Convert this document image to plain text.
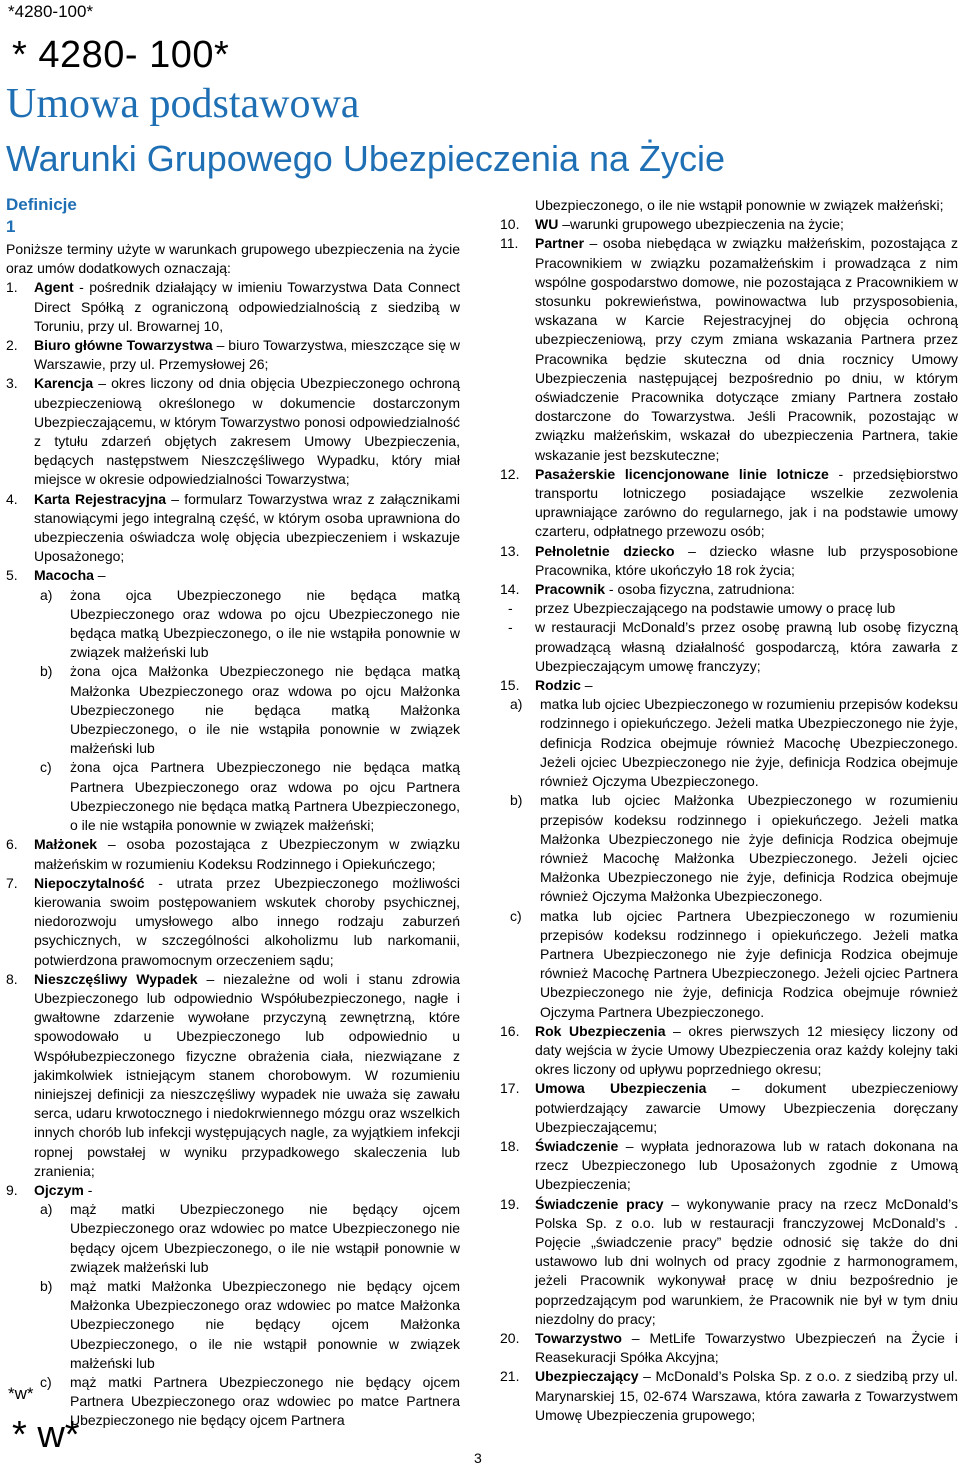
*4280-100*
* 4280- 100*
Umowa podstawowa
Warunki Grupowego Ubezpieczenia na Życie
Definicje
1

Poniższe terminy użyte w warunkach grupowego ubezpieczenia na życie oraz umów dodatkowych oznaczają:

1.	Agent - pośrednik działający w imieniu Towarzystwa Data Connect Direct Spółką z ograniczoną odpowiedzialnością z siedzibą w Toruniu, przy ul. Browarnej 10,
2.	Biuro główne Towarzystwa – biuro Towarzystwa, mieszczące się w Warszawie, przy ul. Przemysłowej 26;
3.	Karencja – okres liczony od dnia objęcia Ubezpieczonego ochroną ubezpieczeniową określonego w dokumencie dostarczonym Ubezpieczającemu, w którym Towarzystwo ponosi odpowiedzialność z tytułu zdarzeń objętych zakresem Umowy Ubezpieczenia, będących następstwem Nieszczęśliwego Wypadku, który miał miejsce w okresie odpowiedzialności Towarzystwa;
4.	Karta Rejestracyjna – formularz Towarzystwa wraz z załącznikami stanowiącymi jego integralną część, w którym osoba uprawniona do ubezpieczenia oświadcza wolę objęcia ubezpieczeniem i wskazuje Uposażonego;
5.	Macocha –
a)	żona ojca Ubezpieczonego nie będąca matką Ubezpieczonego oraz wdowa po ojcu Ubezpieczonego nie będąca matką Ubezpieczonego, o ile nie wstąpiła ponownie w związek małżeński lub
b)	żona ojca Małżonka Ubezpieczonego nie będąca matką Małżonka Ubezpieczonego oraz wdowa po ojcu Małżonka Ubezpieczonego nie będąca matką Małżonka Ubezpieczonego, o ile nie wstąpiła ponownie w związek małżeński lub
c)	żona ojca Partnera Ubezpieczonego nie będąca matką Partnera Ubezpieczonego oraz wdowa po ojcu Partnera Ubezpieczonego nie będąca matką Partnera Ubezpieczonego, o ile nie wstąpiła ponownie w związek małżeński;
6.	Małżonek – osoba pozostająca z Ubezpieczonym w związku małżeńskim w rozumieniu Kodeksu Rodzinnego i Opiekuńczego;
7.	Niepoczytalność - utrata przez Ubezpieczonego możliwości kierowania swoim postępowaniem wskutek choroby psychicznej, niedorozwoju umysłowego albo innego rodzaju zaburzeń psychicznych, w szczególności alkoholizmu lub narkomanii, potwierdzona prawomocnym orzeczeniem sądu;
8.	Nieszczęśliwy Wypadek – niezależne od woli i stanu zdrowia Ubezpieczonego lub odpowiednio Współubezpieczonego, nagłe i gwałtowne zdarzenie wywołane przyczyną zewnętrzną, które spowodowało u Ubezpieczonego lub odpowiednio u Współubezpieczonego fizyczne obrażenia ciała, niezwiązane z jakimkolwiek istniejącym stanem chorobowym. W rozumieniu niniejszej definicji za nieszczęśliwy wypadek nie uważa się zawału serca, udaru krwotocznego i niedokrwiennego mózgu oraz wszelkich innych chorób lub infekcji występujących nagle, za wyjątkiem infekcji ropnej powstałej w wyniku przypadkowego skaleczenia lub zranienia;
9.	Ojczym -
a)	mąż matki Ubezpieczonego nie będący ojcem Ubezpieczonego oraz wdowiec po matce Ubezpieczonego nie będący ojcem Ubezpieczonego, o ile nie wstąpił ponownie w związek małżeński lub
b)	mąż matki Małżonka Ubezpieczonego nie będący ojcem Małżonka Ubezpieczonego oraz wdowiec po matce Małżonka Ubezpieczonego nie będący ojcem Małżonka Ubezpieczonego, o ile nie wstąpił ponownie w związek małżeński lub
c)	mąż matki Partnera Ubezpieczonego nie będący ojcem Partnera Ubezpieczonego oraz wdowiec po matce Partnera Ubezpieczonego nie będący ojcem Partnera
Ubezpieczonego, o ile nie wstąpił ponownie w związek małżeński;
10.	WU –warunki grupowego ubezpieczenia na życie;
11.	Partner – osoba niebędąca w związku małżeńskim, pozostająca z Pracownikiem w związku pozamałżeńskim i prowadząca z nim wspólne gospodarstwo domowe, nie pozostająca z Pracownikiem w stosunku pokrewieństwa, powinowactwa lub przysposobienia, wskazana w Karcie Rejestracyjnej do objęcia ochroną ubezpieczeniową, przy czym zmiana wskazania Partnera przez Pracownika będzie skuteczna od dnia rocznicy Umowy Ubezpieczenia następującej bezpośrednio po dniu, w którym oświadczenie Pracownika dotyczące zmiany Partnera zostało dostarczone do Towarzystwa. Jeśli Pracownik, pozostając w związku małżeńskim, wskazał do ubezpieczenia Partnera, takie wskazanie jest bezskuteczne;
12.	Pasażerskie licencjonowane linie lotnicze - przedsiębiorstwo transportu lotniczego posiadające wszelkie zezwolenia uprawniające zarówno do regularnego, jak i na podstawie umowy czarteru, odpłatnego przewozu osób;
13.	Pełnoletnie dziecko – dziecko własne lub przysposobione Pracownika, które ukończyło 18 rok życia;
14.	Pracownik - osoba fizyczna, zatrudniona:
-	przez Ubezpieczającego na podstawie umowy o pracę lub
-	w restauracji McDonald’s przez osobę prawną lub osobę fizyczną prowadzącą własną działalność gospodarczą, która zawarła z Ubezpieczającym umowę franczyzy;
15.	Rodzic –
a)	matka lub ojciec Ubezpieczonego w rozumieniu przepisów kodeksu rodzinnego i opiekuńczego. Jeżeli matka Ubezpieczonego nie żyje, definicja Rodzica obejmuje również Macochę Ubezpieczonego. Jeżeli ojciec Ubezpieczonego nie żyje, definicja Rodzica obejmuje również Ojczyma Ubezpieczonego.
b)	matka lub ojciec Małżonka Ubezpieczonego w rozumieniu przepisów kodeksu rodzinnego i opiekuńczego. Jeżeli matka Małżonka Ubezpieczonego nie żyje definicja Rodzica obejmuje również Macochę Małżonka Ubezpieczonego. Jeżeli ojciec Małżonka Ubezpieczonego nie żyje, definicja Rodzica obejmuje również Ojczyma Małżonka Ubezpieczonego.
c)	matka lub ojciec Partnera Ubezpieczonego w rozumieniu przepisów kodeksu rodzinnego i opiekuńczego. Jeżeli matka Partnera Ubezpieczonego nie żyje definicja Rodzica obejmuje również Macochę Partnera Ubezpieczonego. Jeżeli ojciec Partnera Ubezpieczonego nie żyje, definicja Rodzica obejmuje również Ojczyma Partnera Ubezpieczonego.
16.	Rok Ubezpieczenia – okres pierwszych 12 miesięcy liczony od daty wejścia w życie Umowy Ubezpieczenia oraz każdy kolejny taki okres liczony od upływu poprzedniego okresu;
17.	Umowa Ubezpieczenia – dokument ubezpieczeniowy potwierdzający zawarcie Umowy Ubezpieczenia doręczany Ubezpieczającemu;
18.	Świadczenie – wypłata jednorazowa lub w ratach dokonana na rzecz Ubezpieczonego lub Uposażonych zgodnie z Umową Ubezpieczenia;
19.	Świadczenie pracy – wykonywanie pracy na rzecz McDonald’s Polska Sp. z o.o. lub w restauracji franczyzowej McDonald’s . Pojęcie „świadczenie pracy” będzie odnosić się także do dni ustawowo lub dni wolnych od pracy zgodnie z harmonogramem, jeżeli Pracownik wykonywał pracę w dniu bezpośrednio je poprzedzającym pod warunkiem, że Pracownik nie był w tym dniu niezdolny do pracy;
20.	Towarzystwo – MetLife Towarzystwo Ubezpieczeń na Życie i Reasekuracji Spółka Akcyjna;
21.	Ubezpieczający – McDonald’s Polska Sp. z o.o. z siedzibą przy ul. Marynarskiej 15, 02-674 Warszawa, która zawarła z Towarzystwem Umowę Ubezpieczenia grupowego;
*w*
* w*
3
